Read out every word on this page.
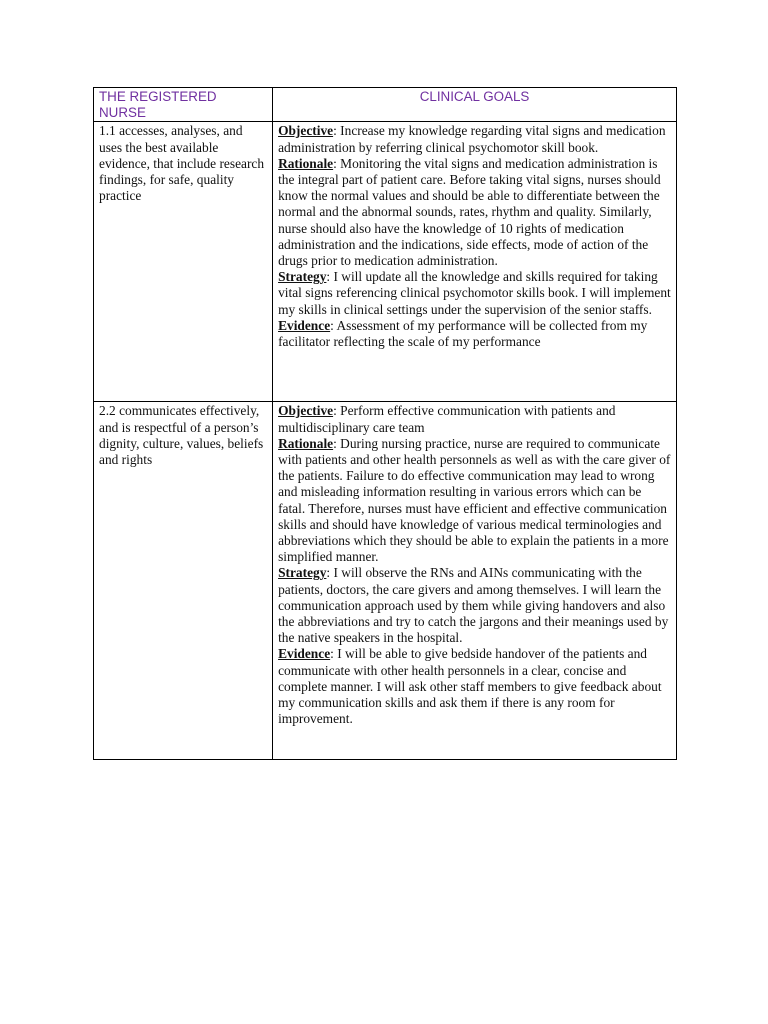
THE REGISTERED NURSE	CLINICAL GOALS
1.1 accesses, analyses, and uses the best available evidence, that include research findings, for safe, quality practice	Objective: Increase my knowledge regarding vital signs and medication administration by referring clinical psychomotor skill book.
Rationale: Monitoring the vital signs and medication administration is the integral part of patient care. Before taking vital signs, nurses should know the normal values and should be able to differentiate between the normal and the abnormal sounds, rates, rhythm and quality. Similarly, nurse should also have the knowledge of 10 rights of medication administration and the indications, side effects, mode of action of the drugs prior to medication administration.
Strategy: I will update all the knowledge and skills required for taking vital signs referencing clinical psychomotor skills book. I will implement my skills in clinical settings under the supervision of the senior staffs.
Evidence: Assessment of my performance will be collected from my facilitator reflecting the scale of my performance

2.2 communicates effectively, and is respectful of a person’s dignity, culture, values, beliefs and rights	Objective: Perform effective communication with patients and multidisciplinary care team
Rationale: During nursing practice, nurse are required to communicate with patients and other health personnels as well as with the care giver of the patients. Failure to do effective communication may lead to wrong and misleading information resulting in various errors which can be fatal. Therefore, nurses must have efficient and effective communication skills and should have knowledge of various medical terminologies and abbreviations which they should be able to explain the patients in a more simplified manner.
Strategy: I will observe the RNs and AINs communicating with the patients, doctors, the care givers and among themselves. I will learn the communication approach used by them while giving handovers and also the abbreviations and try to catch the jargons and their meanings used by the native speakers in the hospital.
Evidence: I will be able to give bedside handover of the patients and communicate with other health personnels in a clear, concise and complete manner. I will ask other staff members to give feedback about my communication skills and ask them if there is any room for improvement.
